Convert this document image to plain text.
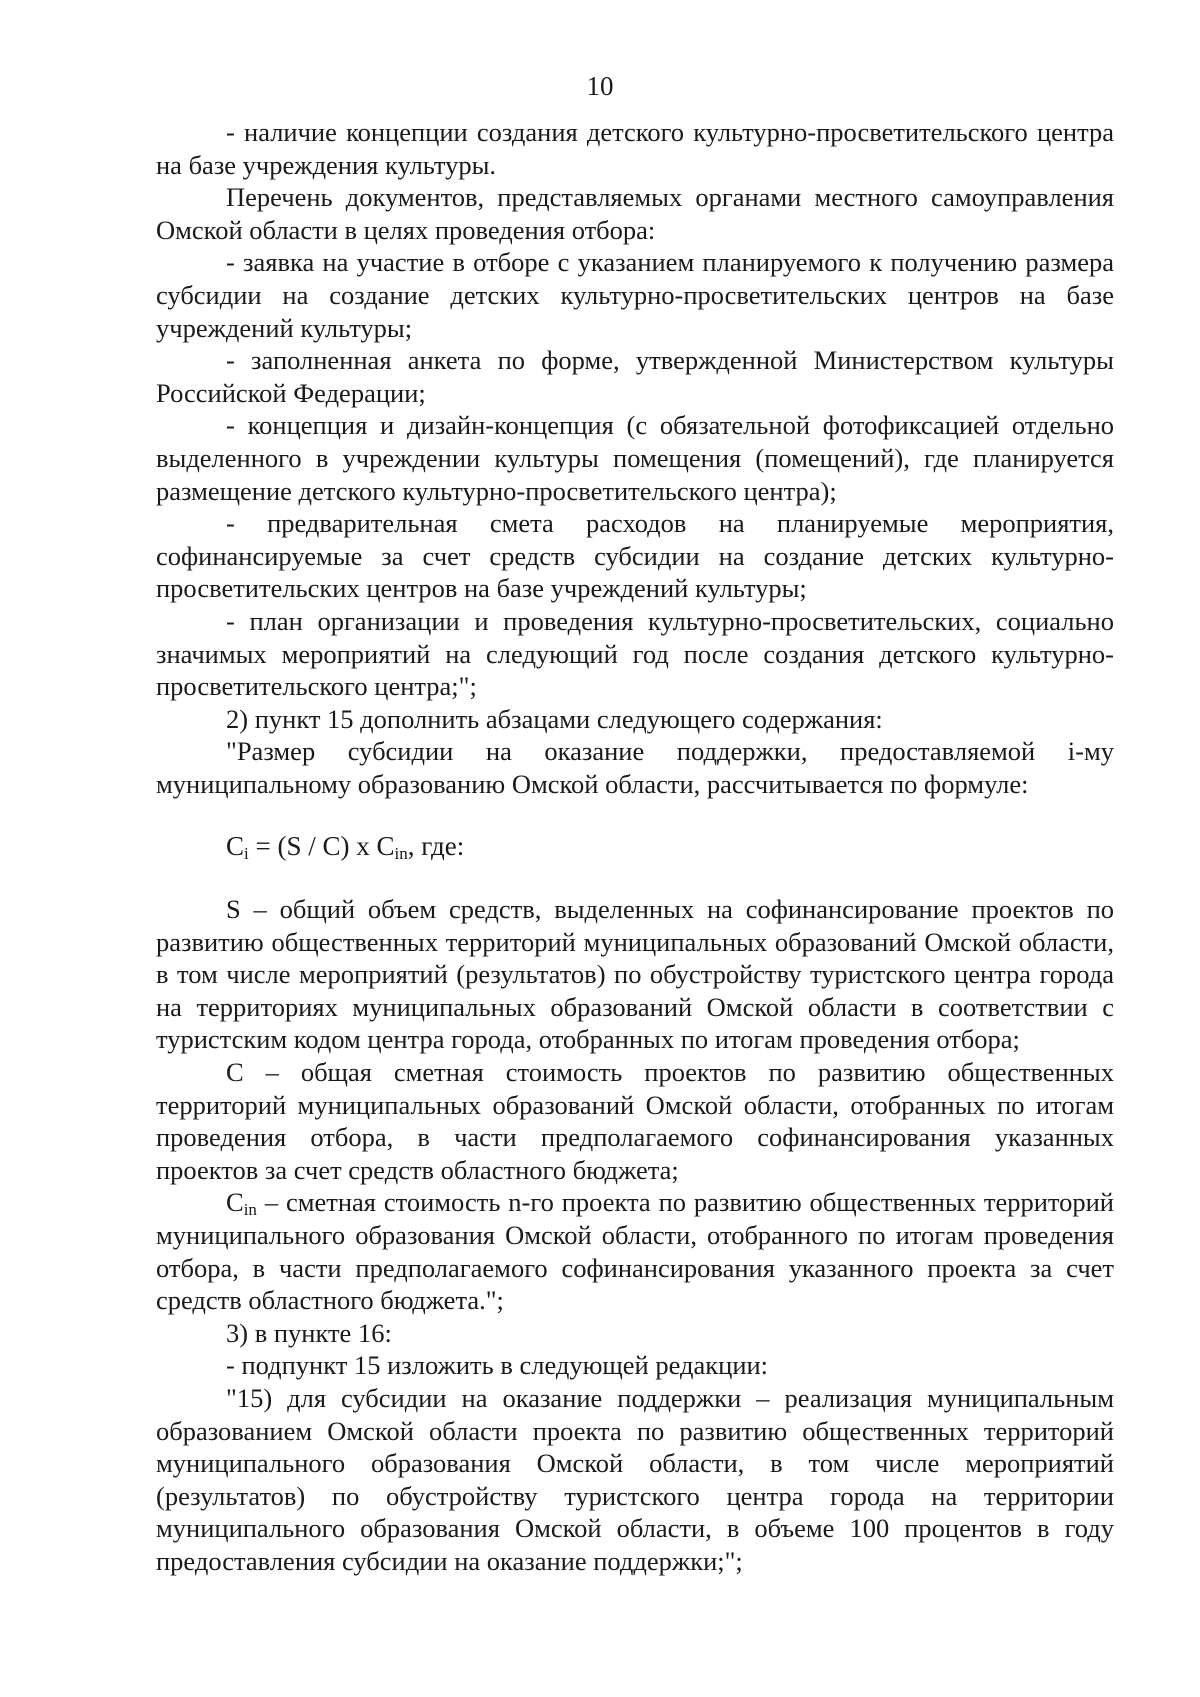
10

- наличие концепции создания детского культурно-просветительского центра на базе учреждения культуры.

Перечень документов, представляемых органами местного самоуправления Омской области в целях проведения отбора:

- заявка на участие в отборе с указанием планируемого к получению размера субсидии на создание детских культурно-просветительских центров на базе учреждений культуры;

- заполненная анкета по форме, утвержденной Министерством культуры Российской Федерации;

- концепция и дизайн-концепция (с обязательной фотофиксацией отдельно выделенного в учреждении культуры помещения (помещений), где планируется размещение детского культурно-просветительского центра);

- предварительная смета расходов на планируемые мероприятия, софинансируемые за счет средств субсидии на создание детских культурно-просветительских центров на базе учреждений культуры;

- план организации и проведения культурно-просветительских, социально значимых мероприятий на следующий год после создания детского культурно-просветительского центра;";

2) пункт 15 дополнить абзацами следующего содержания:

"Размер субсидии на оказание поддержки, предоставляемой i-му муниципальному образованию Омской области, рассчитывается по формуле:

$C_i = (S / C)$ x $C_{in}$, где:

S – общий объем средств, выделенных на софинансирование проектов по развитию общественных территорий муниципальных образований Омской области, в том числе мероприятий (результатов) по обустройству туристского центра города на территориях муниципальных образований Омской области в соответствии с туристским кодом центра города, отобранных по итогам проведения отбора;

C – общая сметная стоимость проектов по развитию общественных территорий муниципальных образований Омской области, отобранных по итогам проведения отбора, в части предполагаемого софинансирования указанных проектов за счет средств областного бюджета;

$C_{in}$ – сметная стоимость n-го проекта по развитию общественных территорий муниципального образования Омской области, отобранного по итогам проведения отбора, в части предполагаемого софинансирования указанного проекта за счет средств областного бюджета.";

3) в пункте 16:

- подпункт 15 изложить в следующей редакции:

"15) для субсидии на оказание поддержки – реализация муниципальным образованием Омской области проекта по развитию общественных территорий муниципального образования Омской области, в том числе мероприятий (результатов) по обустройству туристского центра города на территории муниципального образования Омской области, в объеме 100 процентов в году предоставления субсидии на оказание поддержки;";
